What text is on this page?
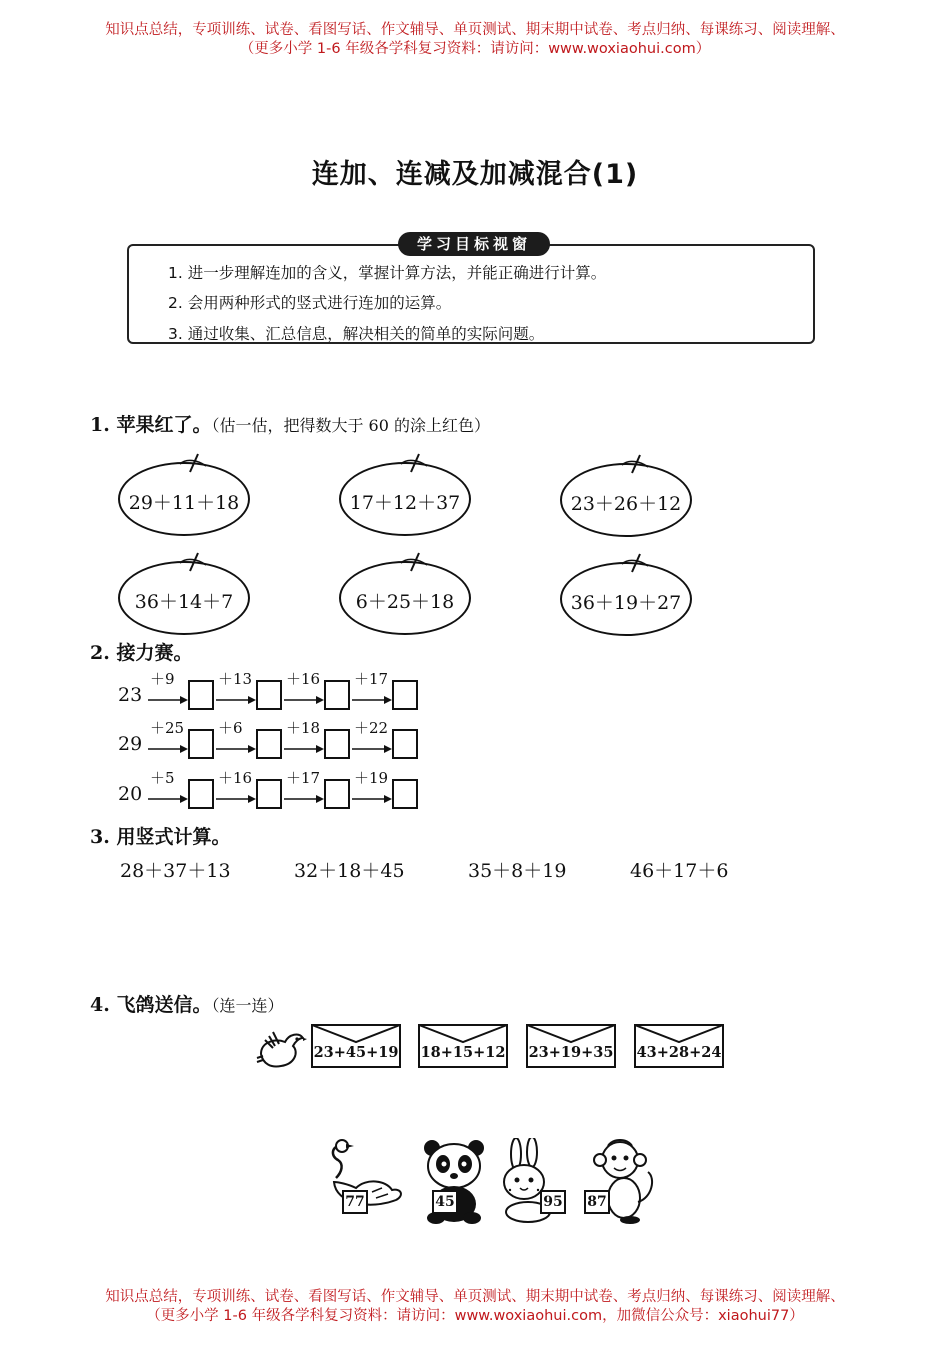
知识点总结，专项训练、试卷、看图写话、作文辅导、单页测试、期末期中试卷、考点归纳、每课练习、阅读理解、
（更多小学 1-6 年级各学科复习资料：请访问：www.woxiaohui.com）
连加、连减及加减混合(1)
学习目标视窗
1. 进一步理解连加的含义，掌握计算方法，并能正确进行计算。
2. 会用两种形式的竖式进行连加的运算。
3. 通过收集、汇总信息，解决相关的简单的实际问题。
1. 苹果红了。（估一估，把得数大于 60 的涂上红色）
29＋11＋18	17＋12＋37	23＋26＋12
36＋14＋7	6＋25＋18	36＋19＋27
2. 接力赛。
23
＋9	＋13 ＋16 ＋17
29
＋25 ＋6	＋18 ＋22
20
＋5	＋16 ＋17 ＋19
3. 用竖式计算。
28＋37＋13	32＋18＋45	35＋8＋19	46＋17＋6
4. 飞鸽送信。（连一连）
23+45+19 18+15+12 23+19+35 43+28+24
77	45	95 87
知识点总结，专项训练、试卷、看图写话、作文辅导、单页测试、期末期中试卷、考点归纳、每课练习、阅读理解、
（更多小学 1-6 年级各学科复习资料：请访问：www.woxiaohui.com，加微信公众号：xiaohui77）
